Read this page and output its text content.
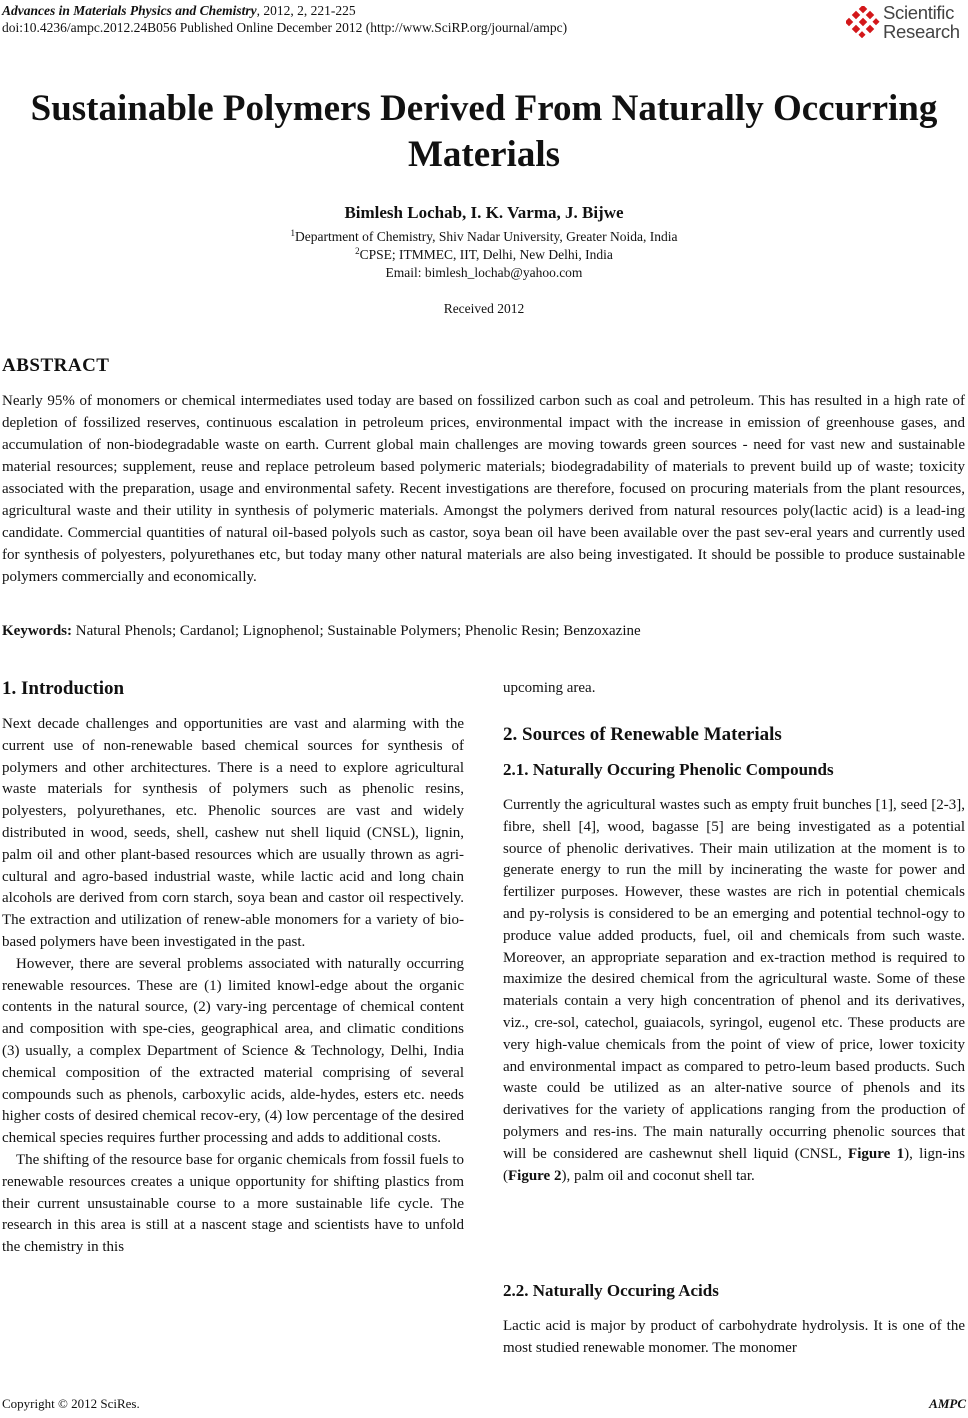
Advances in Materials Physics and Chemistry, 2012, 2, 221-225
doi:10.4236/ampc.2012.24B056 Published Online December 2012 (http://www.SciRP.org/journal/ampc)
Scientific
Research
Sustainable Polymers Derived From Naturally Occurring Materials
Bimlesh Lochab, I. K. Varma, J. Bijwe
$^1$Department of Chemistry, Shiv Nadar University, Greater Noida, India
$^2$CPSE; ITMMEC, IIT, Delhi, New Delhi, India
Email: bimlesh_lochab@yahoo.com
Received 2012
ABSTRACT

Nearly 95% of monomers or chemical intermediates used today are based on fossilized carbon such as coal and petroleum. This has resulted in a high rate of depletion of fossilized reserves, continuous escalation in petroleum prices, environmental impact with the increase in emission of greenhouse gases, and accumulation of non-biodegradable waste on earth. Current global main challenges are moving towards green sources - need for vast new and sustainable material resources; supplement, reuse and replace petroleum based polymeric materials; biodegradability of materials to prevent build up of waste; toxicity associated with the preparation, usage and environmental safety. Recent investigations are therefore, focused on procuring materials from the plant resources, agricultural waste and their utility in synthesis of polymeric materials. Amongst the polymers derived from natural resources poly(lactic acid) is a lead-ing candidate. Commercial quantities of natural oil-based polyols such as castor, soya bean oil have been available over the past sev-eral years and currently used for synthesis of polyesters, polyurethanes etc, but today many other natural materials are also being investigated. It should be possible to produce sustainable polymers commercially and economically.

Keywords: Natural Phenols; Cardanol; Lignophenol; Sustainable Polymers; Phenolic Resin; Benzoxazine
1. Introduction

Next decade challenges and opportunities are vast and alarming with the current use of non-renewable based chemical sources for synthesis of polymers and other architectures. There is a need to explore agricultural waste materials for synthesis of polymers such as phenolic resins, polyesters, polyurethanes, etc. Phenolic sources are vast and widely distributed in wood, seeds, shell, cashew nut shell liquid (CNSL), lignin, palm oil and other plant-based resources which are usually thrown as agri-cultural and agro-based industrial waste, while lactic acid and long chain alcohols are derived from corn starch, soya bean and castor oil respectively. The extraction and utilization of renew-able monomers for a variety of bio-based polymers have been investigated in the past.

However, there are several problems associated with naturally occurring renewable resources. These are (1) limited knowl-edge about the organic contents in the natural source, (2) vary-ing percentage of chemical content and composition with spe-cies, geographical area, and climatic conditions (3) usually, a complex Department of Science & Technology, Delhi, India chemical composition of the extracted material comprising of several compounds such as phenols, carboxylic acids, alde-hydes, esters etc. needs higher costs of desired chemical recov-ery, (4) low percentage of the desired chemical species requires further processing and adds to additional costs.

The shifting of the resource base for organic chemicals from fossil fuels to renewable resources creates a unique opportunity for shifting plastics from their current unsustainable course to a more sustainable life cycle. The research in this area is still at a nascent stage and scientists have to unfold the chemistry in this

upcoming area.

2. Sources of Renewable Materials
2.1. Naturally Occuring Phenolic Compounds

Currently the agricultural wastes such as empty fruit bunches [1], seed [2-3], fibre, shell [4], wood, bagasse [5] are being investigated as a potential source of phenolic derivatives. Their main utilization at the moment is to generate energy to run the mill by incinerating the waste for power and fertilizer purposes. However, these wastes are rich in potential chemicals and py-rolysis is considered to be an emerging and potential technol-ogy to produce value added products, fuel, oil and chemicals from such waste. Moreover, an appropriate separation and ex-traction method is required to maximize the desired chemical from the agricultural waste. Some of these materials contain a very high concentration of phenol and its derivatives, viz., cre-sol, catechol, guaiacols, syringol, eugenol etc. These products are very high-value chemicals from the point of view of price, lower toxicity and environmental impact as compared to petro-leum based products. Such waste could be utilized as an alter-native source of phenols and its derivatives for the variety of applications ranging from the production of polymers and res-ins. The main naturally occurring phenolic sources that will be considered are cashewnut shell liquid (CNSL, Figure 1), lign-ins (Figure 2), palm oil and coconut shell tar.

2.2. Naturally Occuring Acids

Lactic acid is major by product of carbohydrate hydrolysis. It is one of the most studied renewable monomer. The monomer

Copyright © 2012 SciRes.	AMPC
